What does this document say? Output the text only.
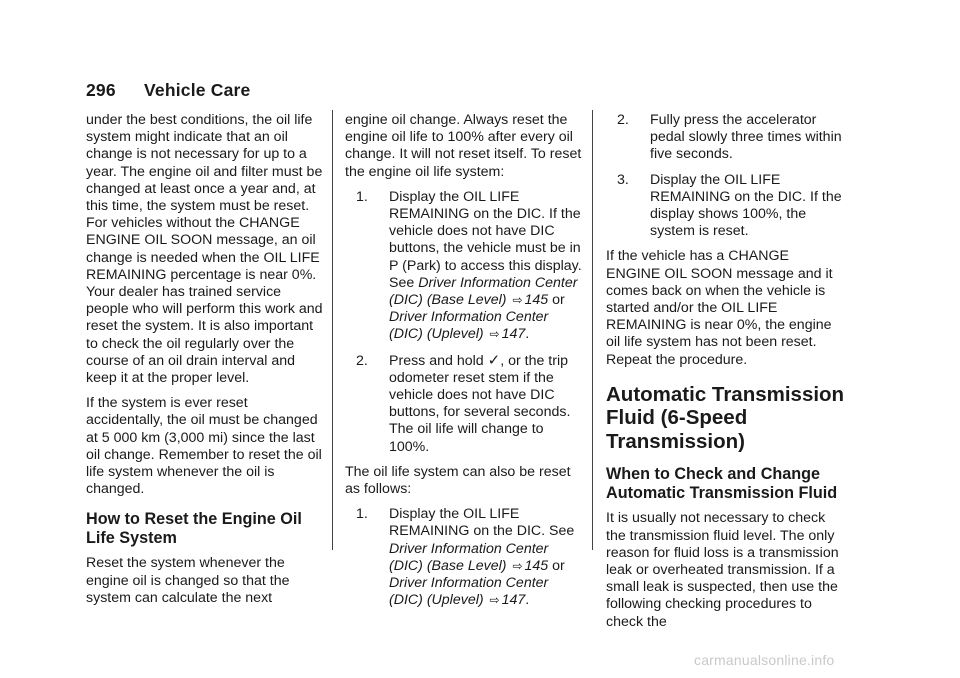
296 Vehicle Care

under the best conditions, the oil life system might indicate that an oil change is not necessary for up to a year. The engine oil and filter must be changed at least once a year and, at this time, the system must be reset. For vehicles without the CHANGE ENGINE OIL SOON message, an oil change is needed when the OIL LIFE REMAINING percentage is near 0%. Your dealer has trained service people who will perform this work and reset the system. It is also important to check the oil regularly over the course of an oil drain interval and keep it at the proper level.

If the system is ever reset accidentally, the oil must be changed at 5 000 km (3,000 mi) since the last oil change. Remember to reset the oil life system whenever the oil is changed.

How to Reset the Engine Oil Life System

Reset the system whenever the engine oil is changed so that the system can calculate the next

engine oil change. Always reset the engine oil life to 100% after every oil change. It will not reset itself. To reset the engine oil life system:

1. Display the OIL LIFE REMAINING on the DIC. If the vehicle does not have DIC buttons, the vehicle must be in P (Park) to access this display. See Driver Information Center (DIC) (Base Level) ⇨ 145 or Driver Information Center (DIC) (Uplevel) ⇨ 147.
2. Press and hold ✓, or the trip odometer reset stem if the vehicle does not have DIC buttons, for several seconds. The oil life will change to 100%.

The oil life system can also be reset as follows:

1. Display the OIL LIFE REMAINING on the DIC. See Driver Information Center (DIC) (Base Level) ⇨ 145 or Driver Information Center (DIC) (Uplevel) ⇨ 147.
2. Fully press the accelerator pedal slowly three times within five seconds.
3. Display the OIL LIFE REMAINING on the DIC. If the display shows 100%, the system is reset.

If the vehicle has a CHANGE ENGINE OIL SOON message and it comes back on when the vehicle is started and/or the OIL LIFE REMAINING is near 0%, the engine oil life system has not been reset. Repeat the procedure.

Automatic Transmission Fluid (6-Speed Transmission)
When to Check and Change Automatic Transmission Fluid

It is usually not necessary to check the transmission fluid level. The only reason for fluid loss is a transmission leak or overheated transmission. If a small leak is suspected, then use the following checking procedures to check the

carmanualsonline.info
